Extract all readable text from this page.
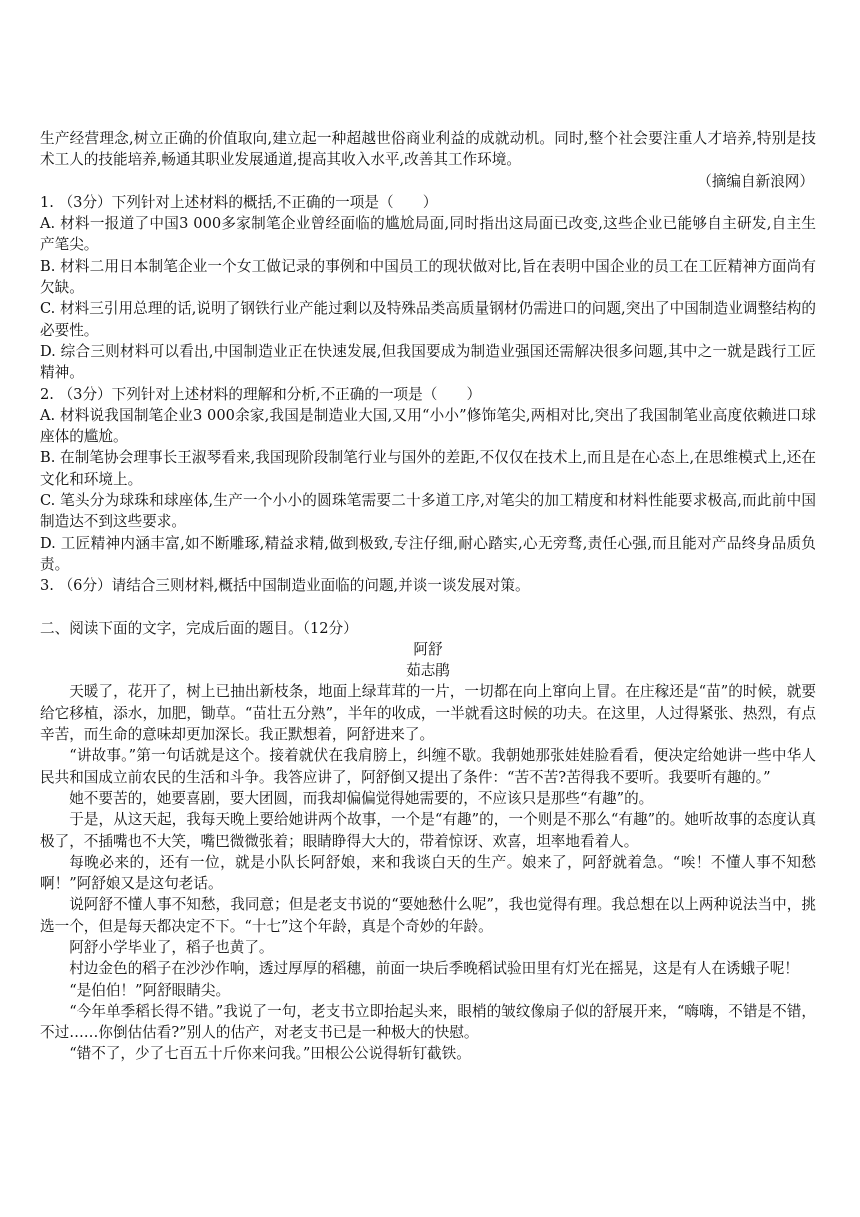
生产经营理念,树立正确的价值取向,建立起一种超越世俗商业利益的成就动机。同时,整个社会要注重人才培养,特别是技术工人的技能培养,畅通其职业发展通道,提高其收入水平,改善其工作环境。

（摘编自新浪网）

1. （3分）下列针对上述材料的概括,不正确的一项是（　　）

A. 材料一报道了中国3 000多家制笔企业曾经面临的尴尬局面,同时指出这局面已改变,这些企业已能够自主研发,自主生产笔尖。

B. 材料二用日本制笔企业一个女工做记录的事例和中国员工的现状做对比,旨在表明中国企业的员工在工匠精神方面尚有欠缺。

C. 材料三引用总理的话,说明了钢铁行业产能过剩以及特殊品类高质量钢材仍需进口的问题,突出了中国制造业调整结构的必要性。

D. 综合三则材料可以看出,中国制造业正在快速发展,但我国要成为制造业强国还需解决很多问题,其中之一就是践行工匠精神。

2. （3分）下列针对上述材料的理解和分析,不正确的一项是（　　）

A. 材料说我国制笔企业3 000余家,我国是制造业大国,又用“小小”修饰笔尖,两相对比,突出了我国制笔业高度依赖进口球座体的尴尬。

B. 在制笔协会理事长王淑琴看来,我国现阶段制笔行业与国外的差距,不仅仅在技术上,而且是在心态上,在思维模式上,还在文化和环境上。

C. 笔头分为球珠和球座体,生产一个小小的圆珠笔需要二十多道工序,对笔尖的加工精度和材料性能要求极高,而此前中国制造达不到这些要求。

D. 工匠精神内涵丰富,如不断雕琢,精益求精,做到极致,专注仔细,耐心踏实,心无旁骛,责任心强,而且能对产品终身品质负责。

3. （6分）请结合三则材料,概括中国制造业面临的问题,并谈一谈发展对策。

二、阅读下面的文字，完成后面的题目。（12分）

阿舒

茹志鹃

天暖了，花开了，树上已抽出新枝条，地面上绿茸茸的一片，一切都在向上窜向上冒。在庄稼还是“苗”的时候，就要给它移植，添水，加肥，锄草。“苗壮五分熟”，半年的收成，一半就看这时候的功夫。在这里，人过得紧张、热烈，有点辛苦，而生命的意味却更加深长。我正默想着，阿舒进来了。

“讲故事。”第一句话就是这个。接着就伏在我肩膀上，纠缠不歇。我朝她那张娃娃脸看看，便决定给她讲一些中华人民共和国成立前农民的生活和斗争。我答应讲了，阿舒倒又提出了条件：“苦不苦?苦得我不要听。我要听有趣的。”

她不要苦的，她要喜剧，要大团圆，而我却偏偏觉得她需要的，不应该只是那些“有趣”的。

于是，从这天起，我每天晚上要给她讲两个故事，一个是“有趣”的，一个则是不那么“有趣”的。她听故事的态度认真极了，不插嘴也不大笑，嘴巴微微张着；眼睛睁得大大的，带着惊讶、欢喜，坦率地看着人。

每晚必来的，还有一位，就是小队长阿舒娘，来和我谈白天的生产。娘来了，阿舒就着急。“唉！不懂人事不知愁啊！”阿舒娘又是这句老话。

说阿舒不懂人事不知愁，我同意；但是老支书说的“要她愁什么呢”，我也觉得有理。我总想在以上两种说法当中，挑选一个，但是每天都决定不下。“十七”这个年龄，真是个奇妙的年龄。

阿舒小学毕业了，稻子也黄了。

村边金色的稻子在沙沙作响，透过厚厚的稻穗，前面一块后季晚稻试验田里有灯光在摇晃，这是有人在诱蛾子呢！

“是伯伯！”阿舒眼睛尖。

“今年单季稻长得不错。”我说了一句，老支书立即抬起头来，眼梢的皱纹像扇子似的舒展开来，“嗨嗨，不错是不错，不过……你倒估估看?”别人的估产，对老支书已是一种极大的快慰。

“错不了，少了七百五十斤你来问我。”田根公公说得斩钉截铁。
